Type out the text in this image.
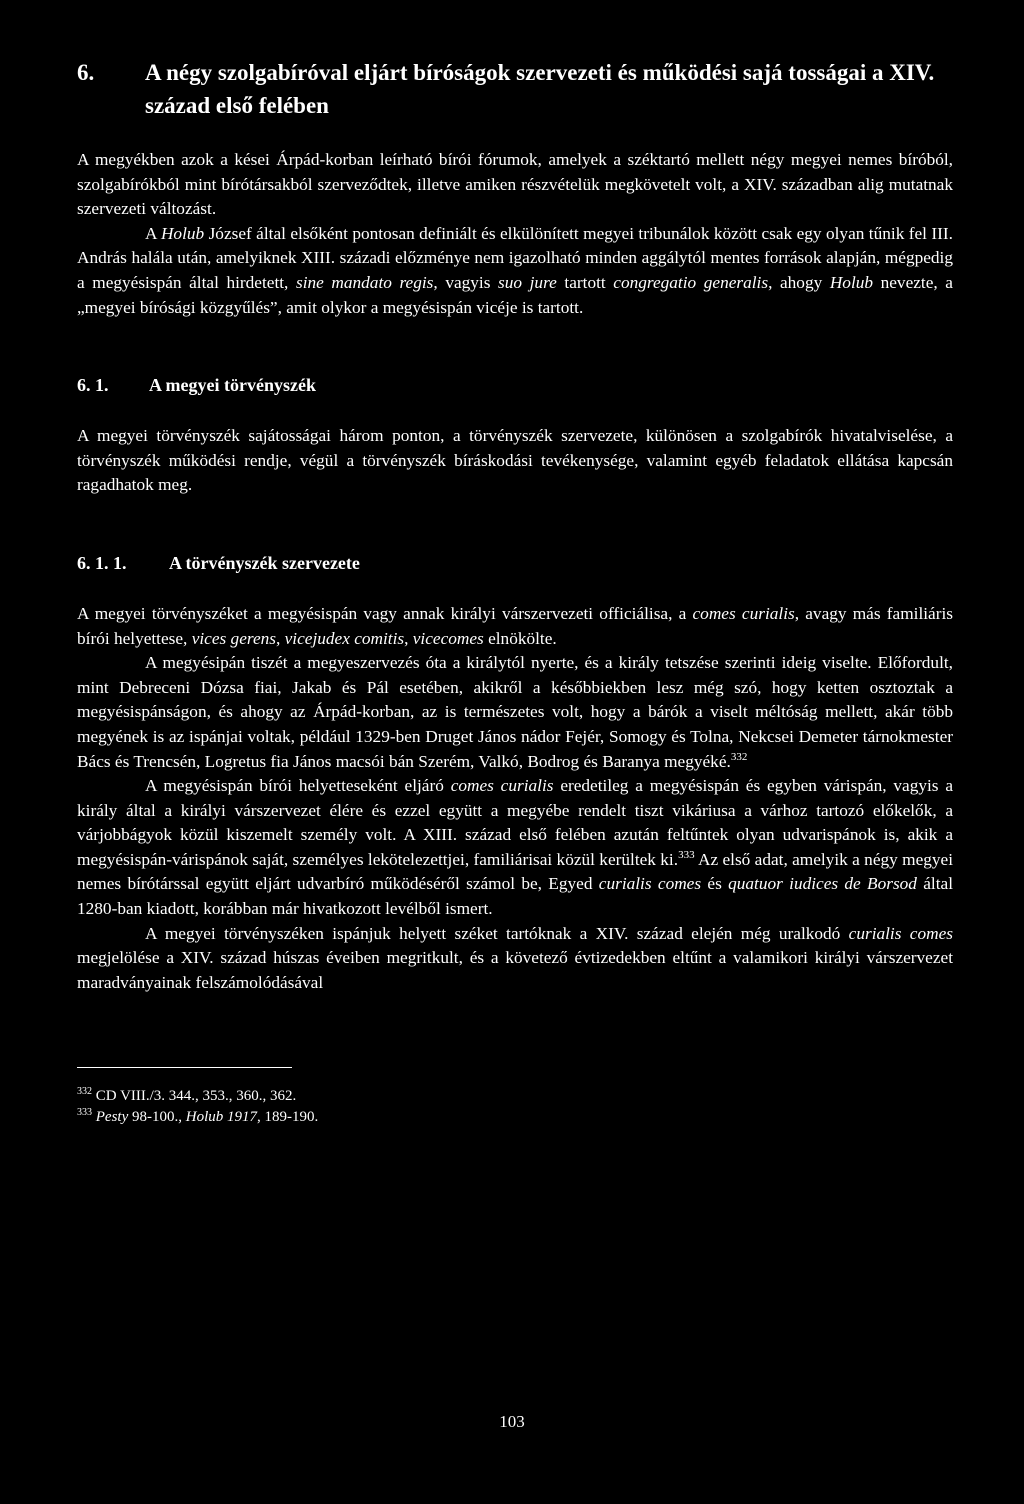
6.	A négy szolgabíróval eljárt bíróságok szervezeti és működési sajá tosságai a XIV. század első felében

A megyékben azok a kései Árpád-korban leírható bírói fórumok, amelyek a széktartó mellett négy megyei nemes bíróból, szolgabírókból mint bírótársakból szerveződtek, illetve amiken részvételük megkövetelt volt, a XIV. században alig mutatnak szervezeti változást.

A Holub József által elsőként pontosan definiált és elkülönített megyei tribunálok között csak egy olyan tűnik fel III. András halála után, amelyiknek XIII. századi előzménye nem igazolható minden aggálytól mentes források alapján, mégpedig a megyésispán által hirdetett, sine mandato regis, vagyis suo jure tartott congregatio generalis, ahogy Holub nevezte, a „megyei bírósági közgyűlés”, amit olykor a megyésispán vicéje is tartott.

6. 1.	A megyei törvényszék

A megyei törvényszék sajátosságai három ponton, a törvényszék szervezete, különösen a szolgabírók hivatalviselése, a törvényszék működési rendje, végül a törvényszék bíráskodási tevékenysége, valamint egyéb feladatok ellátása kapcsán ragadhatok meg.

6. 1. 1.	A törvényszék szervezete

A megyei törvényszéket a megyésispán vagy annak királyi várszervezeti officiálisa, a comes curialis, avagy más familiáris bírói helyettese, vices gerens, vicejudex comitis, vicecomes elnökölte.

A megyésipán tiszét a megyeszervezés óta a királytól nyerte, és a király tetszése szerinti ideig viselte. Előfordult, mint Debreceni Dózsa fiai, Jakab és Pál esetében, akikről a későbbiekben lesz még szó, hogy ketten osztoztak a megyésispánságon, és ahogy az Árpád-korban, az is természetes volt, hogy a bárók a viselt méltóság mellett, akár több megyének is az ispánjai voltak, például 1329-ben Druget János nádor Fejér, Somogy és Tolna, Nekcsei Demeter tárnokmester Bács és Trencsén, Logretus fia János macsói bán Szerém, Valkó, Bodrog és Baranya megyéké.$^{332}$

A megyésispán bírói helyetteseként eljáró comes curialis eredetileg a megyésispán és egyben várispán, vagyis a király által a királyi várszervezet élére és ezzel együtt a megyébe rendelt tiszt vikáriusa a várhoz tartozó előkelők, a várjobbágyok közül kiszemelt személy volt. A XIII. század első felében azután feltűntek olyan udvarispánok is, akik a megyésispán-várispánok saját, személyes lekötelezettjei, familiárisai közül kerültek ki.$^{333}$ Az első adat, amelyik a négy megyei nemes bírótárssal együtt eljárt udvarbíró működéséről számol be, Egyed curialis comes és quatuor iudices de Borsod által 1280-ban kiadott, korábban már hivatkozott levélből ismert.

A megyei törvényszéken ispánjuk helyett széket tartóknak a XIV. század elején még uralkodó curialis comes megjelölése a XIV. század húszas éveiben megritkult, és a követező évtizedekben eltűnt a valamikori királyi várszervezet maradványainak felszámolódásával

$^{332}$ CD VIII./3. 344., 353., 360., 362.

$^{333}$ Pesty 98-100., Holub 1917, 189-190.

103
